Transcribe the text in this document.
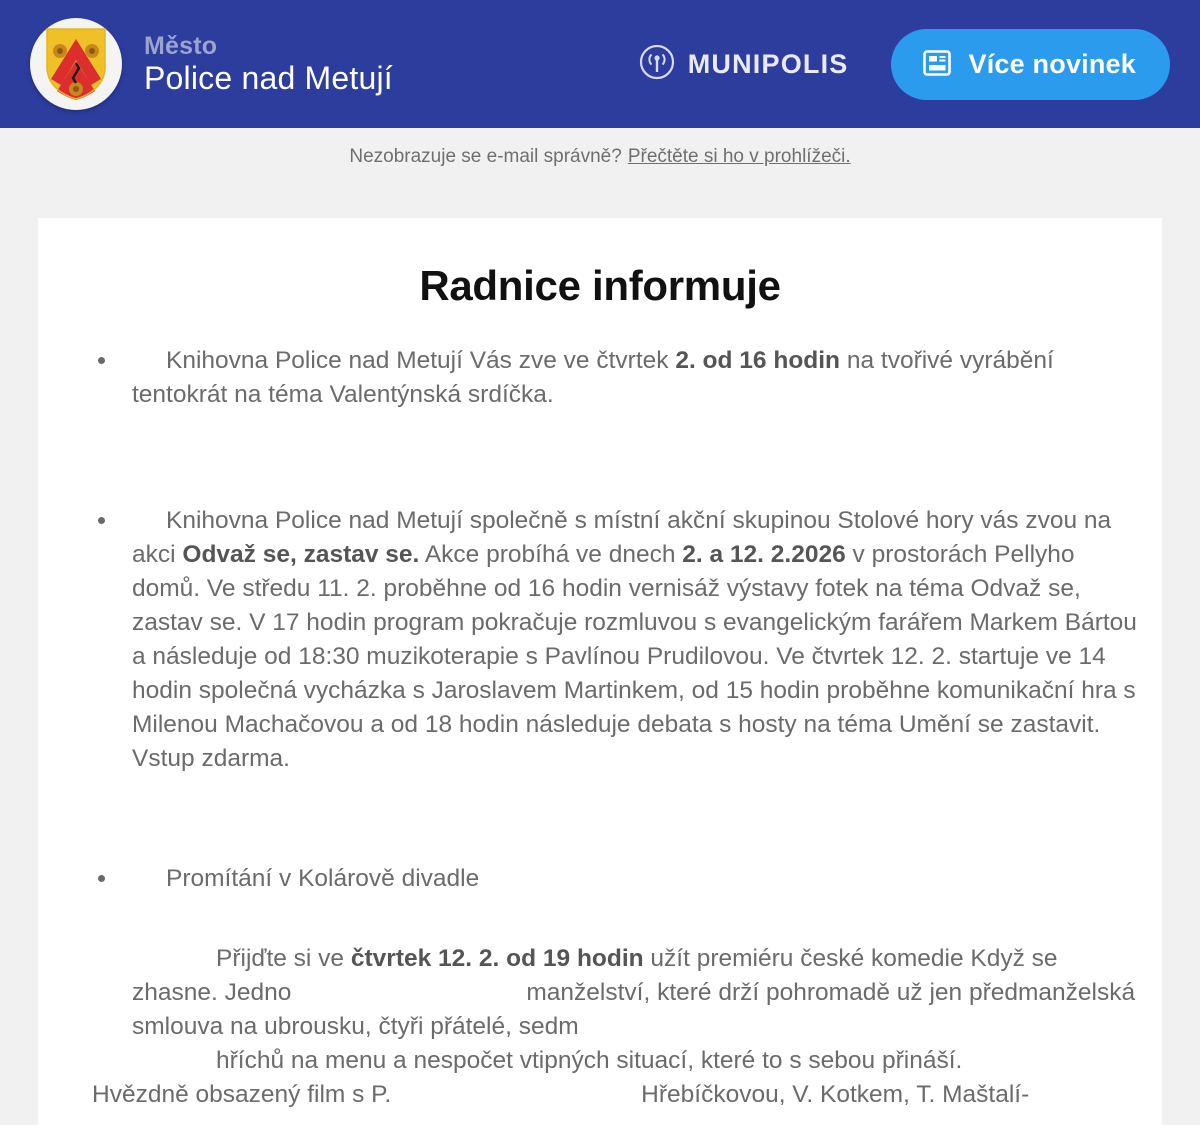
Město
Police nad Metují	MUNIPOLIS	Více novinek
Nezobrazuje se e-mail správně? Přečtěte si ho v prohlížeči.
Radnice informuje
Knihovna Police nad Metují Vás zve ve čtvrtek 2. od 16 hodin na tvořivé vyrábění tentokrát na téma Valentýnská srdíčka.
Knihovna Police nad Metují společně s místní akční skupinou Stolové hory vás zvou na akci Odvaž se, zastav se. Akce probíhá ve dnech 2. a 12. 2.2026 v prostorách Pellyho domů. Ve středu 11. 2. proběhne od 16 hodin vernisáž výstavy fotek na téma Odvaž se, zastav se. V 17 hodin program pokračuje rozmluvou s evangelickým farářem Markem Bártou a následuje od 18:30 muzikoterapie s Pavlínou Prudilovou. Ve čtvrtek 12. 2. startuje ve 14 hodin společná vycházka s Jaroslavem Martinkem, od 15 hodin proběhne komunikační hra s Milenou Machačovou a od 18 hodin následuje debata s hosty na téma Umění se zastavit. Vstup zdarma.
Promítání v Kolárově divadle
Přijďte si ve čtvrtek 12. 2. od 19 hodin užít premiéru české komedie Když se zhasne. Jedno	manželství, které drží pohromadě už jen předmanželská smlouva na ubrousku, čtyři přátelé, sedm
hříchů na menu a nespočet vtipných situací, které to s sebou přináší.
Hvězdně obsazený film s P.	Hřebíčkovou, V. Kotkem, T. Maštalí-
